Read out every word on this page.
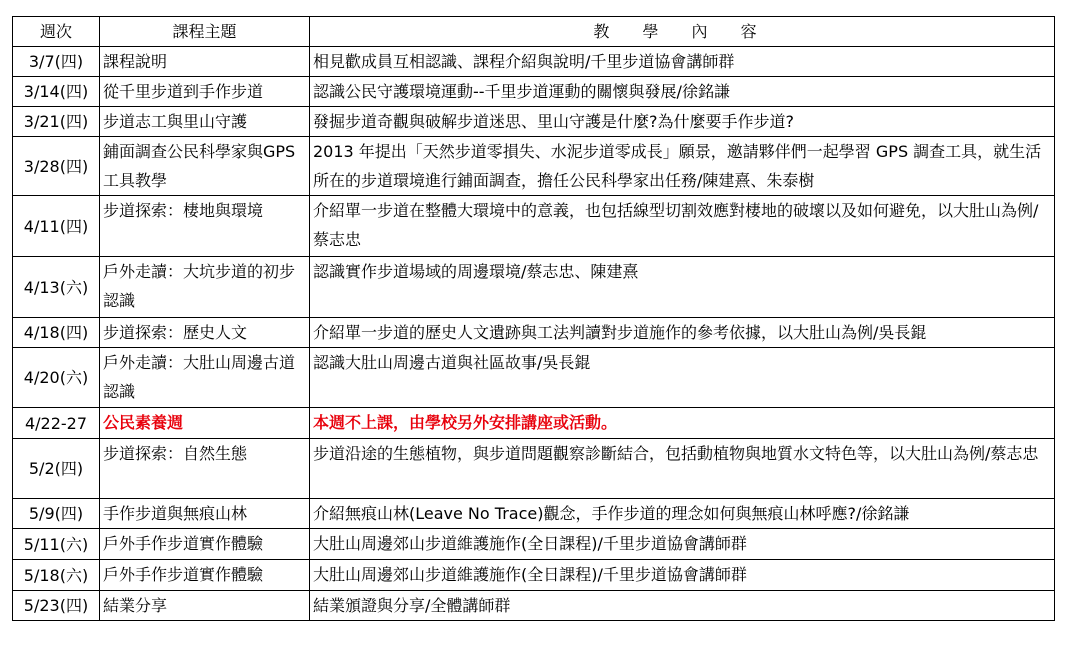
週次	課程主題	教 學 內 容
3/7(四)	課程說明	相見歡成員互相認識、課程介紹與說明/千里步道協會講師群
3/14(四)	從千里步道到手作步道	認識公民守護環境運動--千里步道運動的關懷與發展/徐銘謙
3/21(四)	步道志工與里山守護	發掘步道奇觀與破解步道迷思、里山守護是什麼?為什麼要手作步道?
3/28(四)	鋪面調查公民科學家與GPS 工具教學	2013 年提出「天然步道零損失、水泥步道零成長」願景，邀請夥伴們一起學習 GPS 調查工具，就生活所在的步道環境進行鋪面調查，擔任公民科學家出任務/陳建熹、朱泰樹
4/11(四)	步道探索：棲地與環境	介紹單一步道在整體大環境中的意義，也包括線型切割效應對棲地的破壞以及如何避免，以大肚山為例/蔡志忠
4/13(六)	戶外走讀：大坑步道的初步認識	認識實作步道場域的周邊環境/蔡志忠、陳建熹
4/18(四)	步道探索：歷史人文	介紹單一步道的歷史人文遺跡與工法判讀對步道施作的參考依據，以大肚山為例/吳長錕
4/20(六)	戶外走讀：大肚山周邊古道認識	認識大肚山周邊古道與社區故事/吳長錕
4/22-27	公民素養週	本週不上課，由學校另外安排講座或活動。
5/2(四)	步道探索：自然生態	步道沿途的生態植物，與步道問題觀察診斷結合，包括動植物與地質水文特色等，以大肚山為例/蔡志忠
5/9(四)	手作步道與無痕山林	介紹無痕山林(Leave No Trace)觀念，手作步道的理念如何與無痕山林呼應?/徐銘謙
5/11(六)	戶外手作步道實作體驗	大肚山周邊郊山步道維護施作(全日課程)/千里步道協會講師群
5/18(六)	戶外手作步道實作體驗	大肚山周邊郊山步道維護施作(全日課程)/千里步道協會講師群
5/23(四)	結業分享	結業頒證與分享/全體講師群
